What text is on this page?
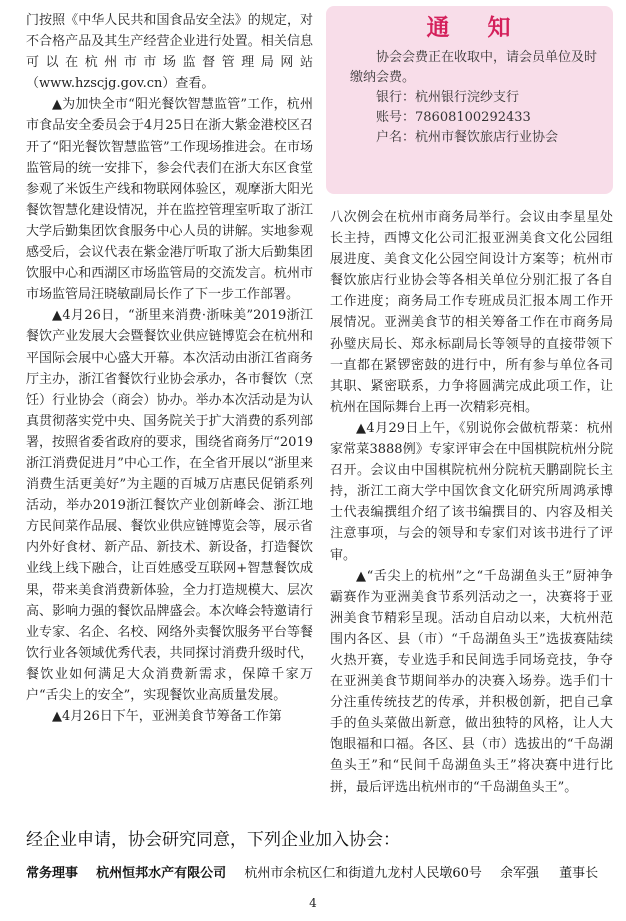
门按照《中华人民共和国食品安全法》的规定，对不合格产品及其生产经营企业进行处置。相关信息可以在杭州市市场监督管理局网站（www.hzscjg.gov.cn）查看。

▲为加快全市“阳光餐饮智慧监管”工作，杭州市食品安全委员会于4月25日在浙大紫金港校区召开了“阳光餐饮智慧监管”工作现场推进会。在市场监管局的统一安排下，参会代表们在浙大东区食堂参观了米饭生产线和物联网体验区，观摩浙大阳光餐饮智慧化建设情况，并在监控管理室听取了浙江大学后勤集团饮食服务中心人员的讲解。实地参观感受后，会议代表在紫金港厅听取了浙大后勤集团饮服中心和西湖区市场监管局的交流发言。杭州市市场监管局汪晓敏副局长作了下一步工作部署。

▲4月26日，“浙里来消费·浙味美”2019浙江餐饮产业发展大会暨餐饮业供应链博览会在杭州和平国际会展中心盛大开幕。本次活动由浙江省商务厅主办，浙江省餐饮行业协会承办，各市餐饮（烹饪）行业协会（商会）协办。举办本次活动是为认真贯彻落实党中央、国务院关于扩大消费的系列部署，按照省委省政府的要求，围绕省商务厅“2019浙江消费促进月”中心工作，在全省开展以“浙里来消费生活更美好”为主题的百城万店惠民促销系列活动，举办2019浙江餐饮产业创新峰会、浙江地方民间菜作品展、餐饮业供应链博览会等，展示省内外好食材、新产品、新技术、新设备，打造餐饮业线上线下融合，让百姓感受互联网+智慧餐饮成果，带来美食消费新体验，全力打造规模大、层次高、影响力强的餐饮品牌盛会。本次峰会特邀请行业专家、名企、名校、网络外卖餐饮服务平台等餐饮行业各领域优秀代表，共同探讨消费升级时代，餐饮业如何满足大众消费新需求，保障千家万户“舌尖上的安全”，实现餐饮业高质量发展。

▲4月26日下午，亚洲美食节筹备工作第

通知

协会会费正在收取中，请会员单位及时缴纳会费。

银行：杭州银行浣纱支行

账号：78608100292433

户名：杭州市餐饮旅店行业协会

八次例会在杭州市商务局举行。会议由李星星处长主持，西博文化公司汇报亚洲美食文化公园组展进度、美食文化公园空间设计方案等；杭州市餐饮旅店行业协会等各相关单位分别汇报了各自工作进度；商务局工作专班成员汇报本周工作开展情况。亚洲美食节的相关筹备工作在市商务局孙璧庆局长、郑永标副局长等领导的直接带领下一直都在紧锣密鼓的进行中，所有参与单位各司其职、紧密联系，力争将圆满完成此项工作，让杭州在国际舞台上再一次精彩亮相。

▲4月29日上午，《别说你会做杭帮菜：杭州家常菜3888例》专家评审会在中国棋院杭州分院召开。会议由中国棋院杭州分院杭天鹏副院长主持，浙江工商大学中国饮食文化研究所周鸿承博士代表编撰组介绍了该书编撰目的、内容及相关注意事项，与会的领导和专家们对该书进行了评审。

▲“舌尖上的杭州”之“千岛湖鱼头王”厨神争霸赛作为亚洲美食节系列活动之一，决赛将于亚洲美食节精彩呈现。活动自启动以来，大杭州范围内各区、县（市）“千岛湖鱼头王”选拔赛陆续火热开赛，专业选手和民间选手同场竞技，争夺在亚洲美食节期间举办的决赛入场券。选手们十分注重传统技艺的传承，并积极创新，把自己拿手的鱼头菜做出新意，做出独特的风格，让人大饱眼福和口福。各区、县（市）选拔出的“千岛湖鱼头王”和“民间千岛湖鱼头王”将决赛中进行比拼，最后评选出杭州市的“千岛湖鱼头王”。

经企业申请，协会研究同意，下列企业加入协会：
常务理事 杭州恒邦水产有限公司 杭州市余杭区仁和街道九龙村人民墩60号 余军强 董事长
4
